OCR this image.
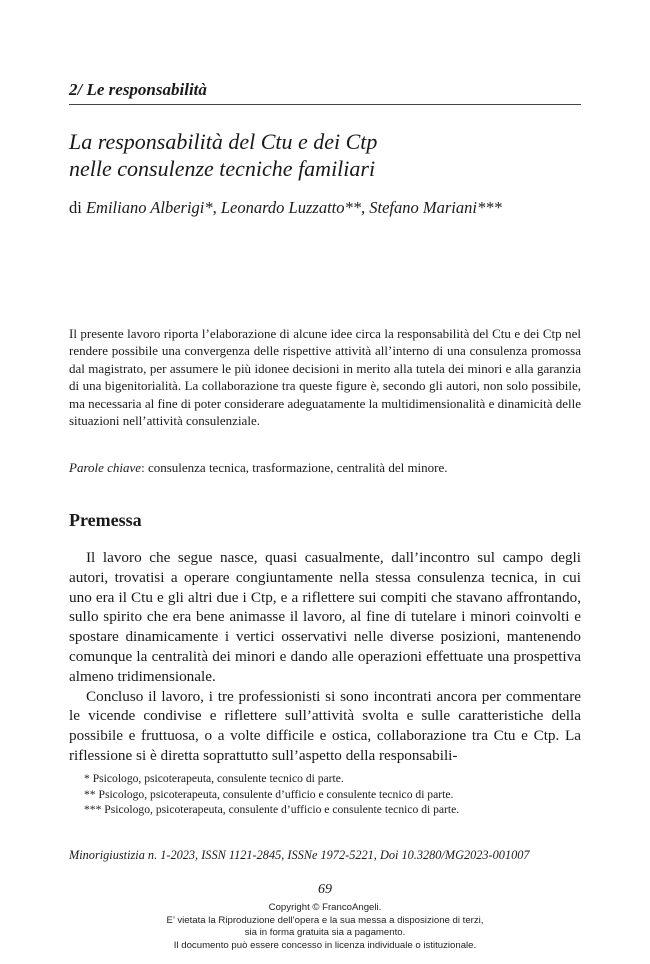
2/ Le responsabilità
La responsabilità del Ctu e dei Ctp
nelle consulenze tecniche familiari
di Emiliano Alberigi*, Leonardo Luzzatto**, Stefano Mariani***
Il presente lavoro riporta l’elaborazione di alcune idee circa la responsabilità del Ctu e dei Ctp nel rendere possibile una convergenza delle rispettive attività all’interno di una consulenza promossa dal magistrato, per assumere le più idonee decisioni in merito alla tutela dei minori e alla garanzia di una bigenitorialità. La collaborazione tra queste figure è, secondo gli autori, non solo possibile, ma necessaria al fine di poter considerare adeguatamente la multidimensionalità e dinamicità delle situazioni nell’attività consulenziale.
Parole chiave: consulenza tecnica, trasformazione, centralità del minore.
Premessa

Il lavoro che segue nasce, quasi casualmente, dall’incontro sul campo degli autori, trovatisi a operare congiuntamente nella stessa consulenza tecnica, in cui uno era il Ctu e gli altri due i Ctp, e a riflettere sui compiti che stavano affrontando, sullo spirito che era bene animasse il lavoro, al fine di tutelare i minori coinvolti e spostare dinamicamente i vertici osservativi nelle diverse posizioni, mantenendo comunque la centralità dei minori e dando alle operazioni effettuate una prospettiva almeno tridimensionale.

Concluso il lavoro, i tre professionisti si sono incontrati ancora per commentare le vicende condivise e riflettere sull’attività svolta e sulle caratteristiche della possibile e fruttuosa, o a volte difficile e ostica, collaborazione tra Ctu e Ctp. La riflessione si è diretta soprattutto sull’aspetto della responsabili-

* Psicologo, psicoterapeuta, consulente tecnico di parte.
** Psicologo, psicoterapeuta, consulente d’ufficio e consulente tecnico di parte.
*** Psicologo, psicoterapeuta, consulente d’ufficio e consulente tecnico di parte.
Minorigiustizia n. 1-2023, ISSN 1121-2845, ISSNe 1972-5221, Doi 10.3280/MG2023-001007
69
Copyright © FrancoAngeli.
E’ vietata la Riproduzione dell’opera e la sua messa a disposizione di terzi,
sia in forma gratuita sia a pagamento.
Il documento può essere concesso in licenza individuale o istituzionale.
